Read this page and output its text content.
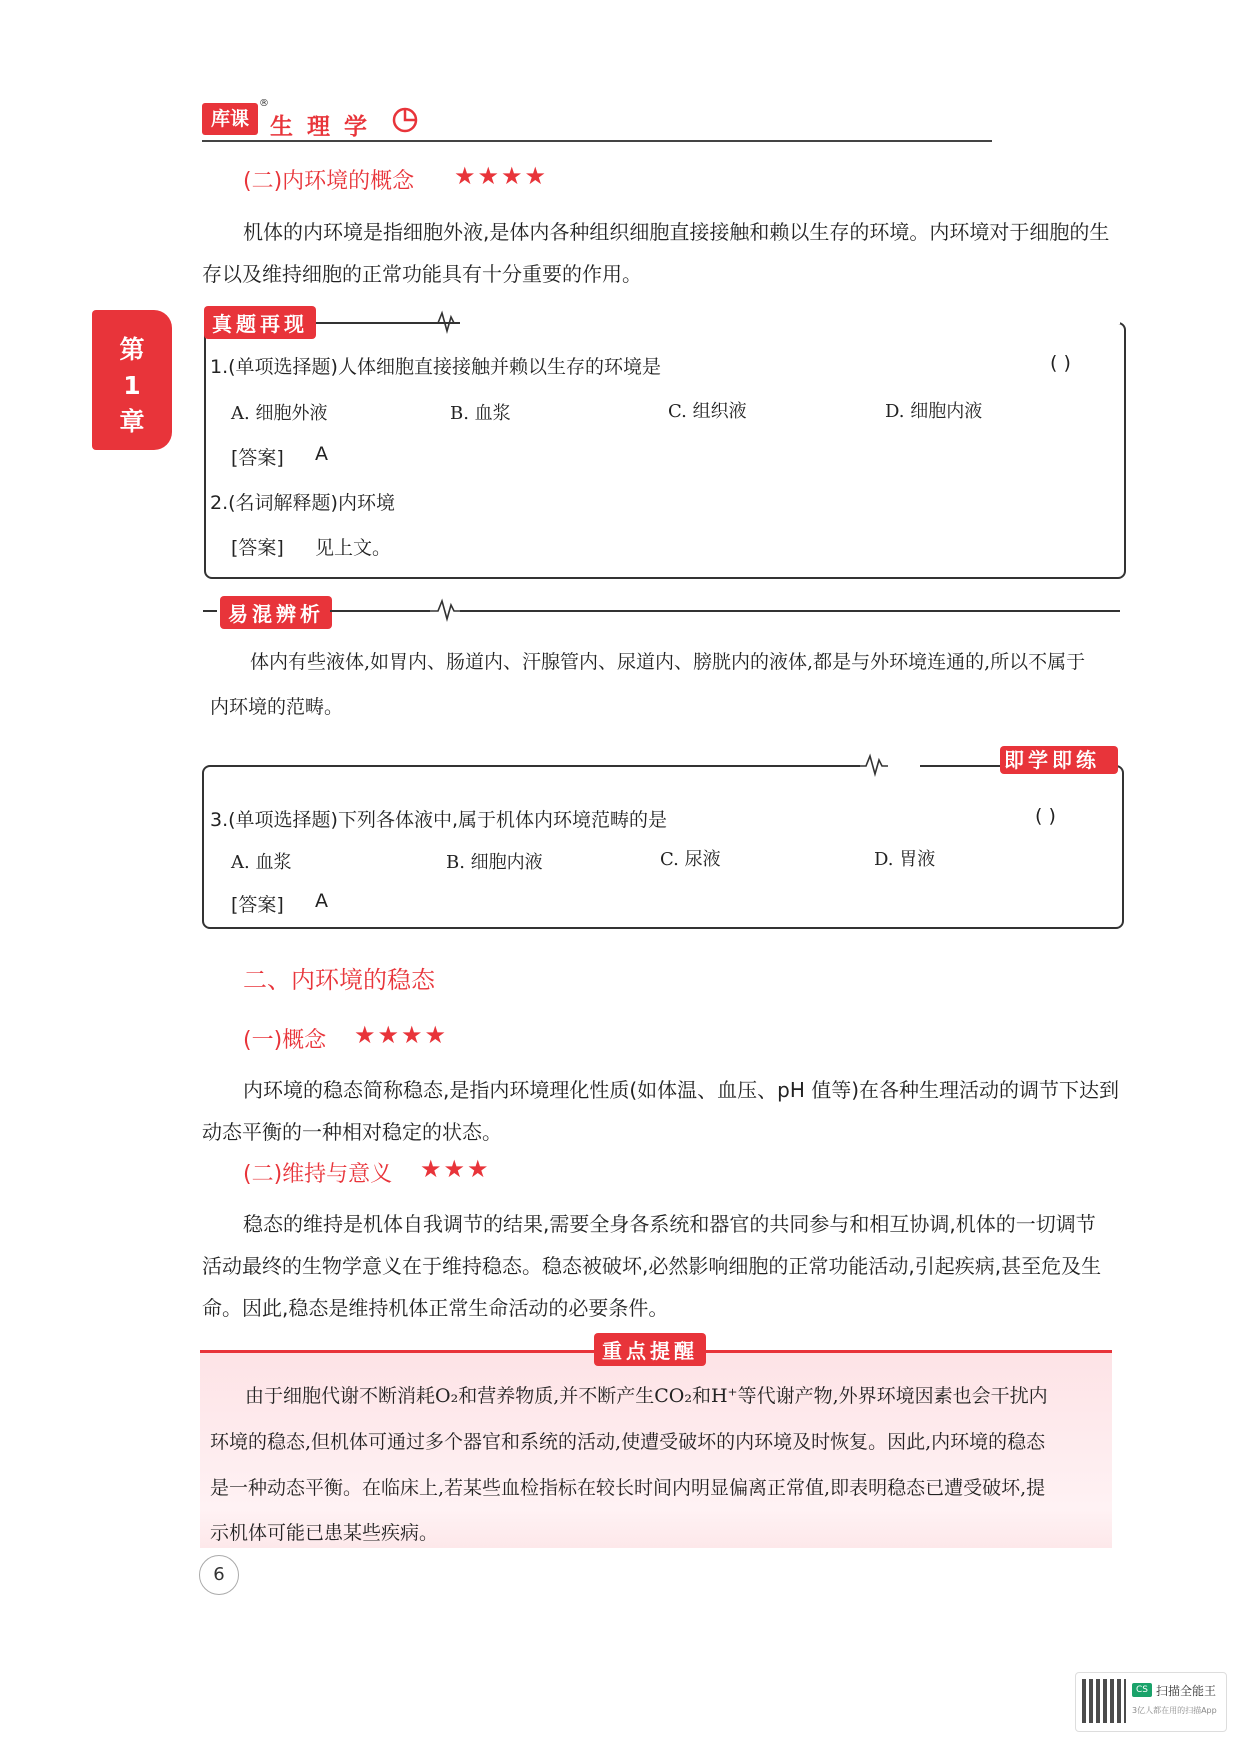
库课
®
生理学
第
1
章
(二)内环境的概念 ★★★★
机体的内环境是指细胞外液,是体内各种组织细胞直接接触和赖以生存的环境。内环境对于细胞的生
存以及维持细胞的正常功能具有十分重要的作用。
真题再现
1.(单项选择题)人体细胞直接接触并赖以生存的环境是	( )
A. 细胞外液	B. 血浆	C. 组织液	D. 细胞内液
[答案] A
2.(名词解释题)内环境
[答案] 见上文。
易混辨析
体内有些液体,如胃内、肠道内、汗腺管内、尿道内、膀胱内的液体,都是与外环境连通的,所以不属于
内环境的范畴。
即学即练
3.(单项选择题)下列各体液中,属于机体内环境范畴的是	( )
A. 血浆	B. 细胞内液	C. 尿液	D. 胃液
[答案] A
二、内环境的稳态
(一)概念 ★★★★
内环境的稳态简称稳态,是指内环境理化性质(如体温、血压、pH 值等)在各种生理活动的调节下达到
动态平衡的一种相对稳定的状态。
(二)维持与意义 ★★★
稳态的维持是机体自我调节的结果,需要全身各系统和器官的共同参与和相互协调,机体的一切调节
活动最终的生物学意义在于维持稳态。稳态被破坏,必然影响细胞的正常功能活动,引起疾病,甚至危及生
命。因此,稳态是维持机体正常生命活动的必要条件。
重点提醒
由于细胞代谢不断消耗O₂和营养物质,并不断产生CO₂和H⁺等代谢产物,外界环境因素也会干扰内
环境的稳态,但机体可通过多个器官和系统的活动,使遭受破坏的内环境及时恢复。因此,内环境的稳态
是一种动态平衡。在临床上,若某些血检指标在较长时间内明显偏离正常值,即表明稳态已遭受破坏,提
示机体可能已患某些疾病。
6
CS 扫描全能王
3亿人都在用的扫描App
